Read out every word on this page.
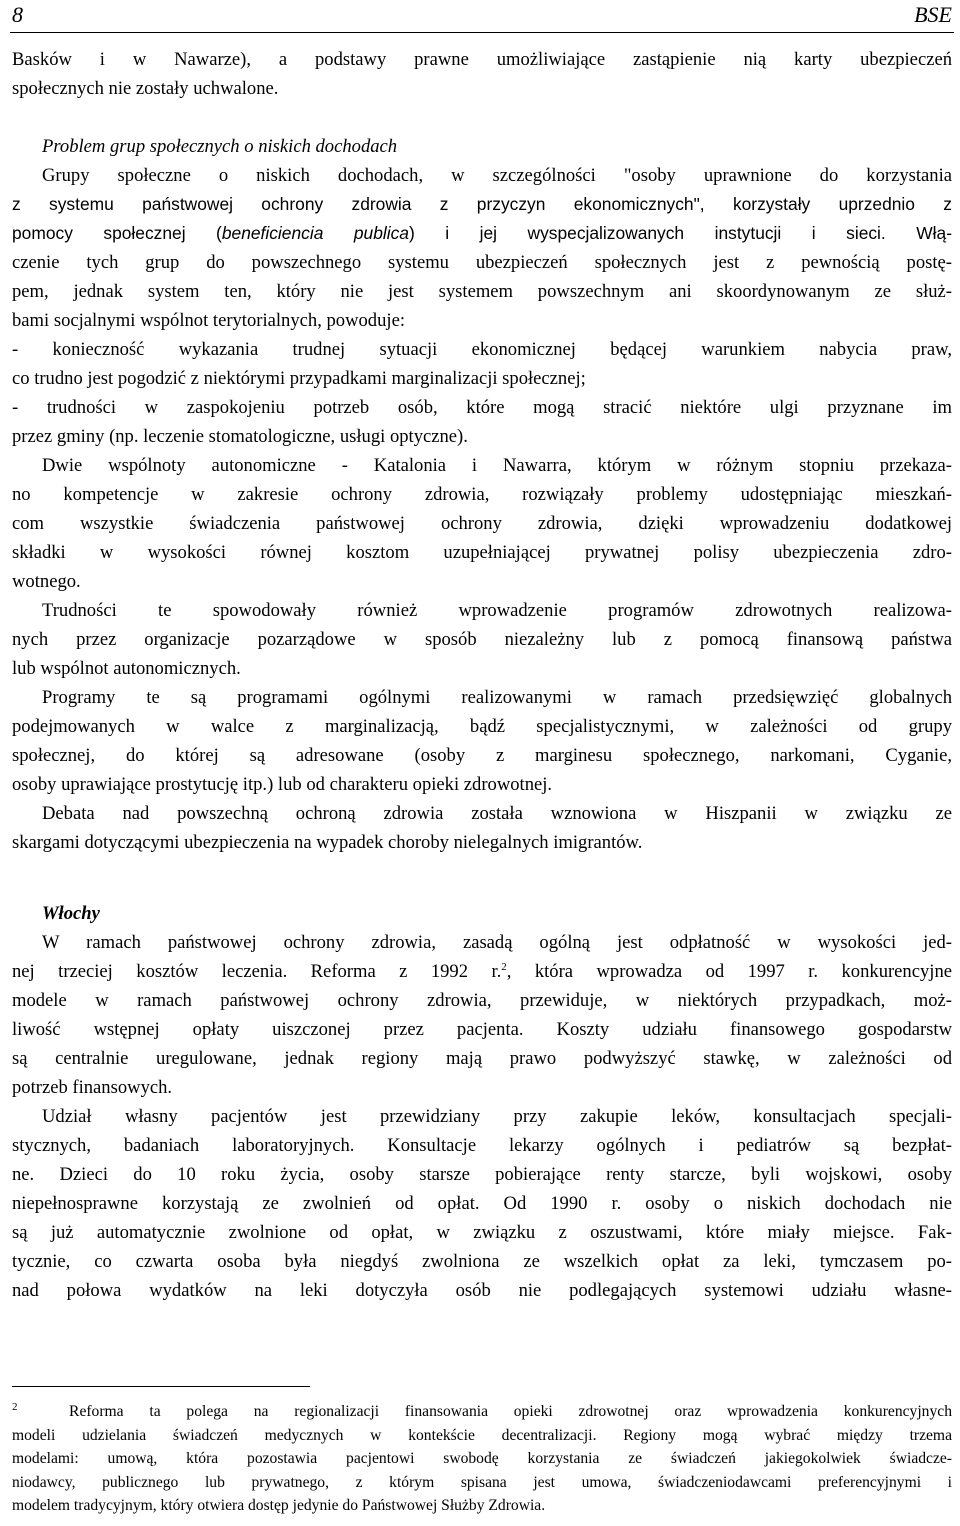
8	BSE
Basków i w Nawarze), a podstawy prawne umożliwiające zastąpienie nią karty ubezpieczeń
społecznych nie zostały uchwalone.
Problem grup społecznych o niskich dochodach
Grupy społeczne o niskich dochodach, w szczególności "osoby uprawnione do korzystania
z systemu państwowej ochrony zdrowia z przyczyn ekonomicznych", korzystały uprzednio z
pomocy społecznej (beneficiencia publica) i jej wyspecjalizowanych instytucji i sieci. Włą-
czenie tych grup do powszechnego systemu ubezpieczeń społecznych jest z pewnością postę-
pem, jednak system ten, który nie jest systemem powszechnym ani skoordynowanym ze służ-
bami socjalnymi wspólnot terytorialnych, powoduje:
- konieczność wykazania trudnej sytuacji ekonomicznej będącej warunkiem nabycia praw,
co trudno jest pogodzić z niektórymi przypadkami marginalizacji społecznej;
- trudności w zaspokojeniu potrzeb osób, które mogą stracić niektóre ulgi przyznane im
przez gminy (np. leczenie stomatologiczne, usługi optyczne).
Dwie wspólnoty autonomiczne - Katalonia i Nawarra, którym w różnym stopniu przekaza-
no kompetencje w zakresie ochrony zdrowia, rozwiązały problemy udostępniając mieszkań-
com wszystkie świadczenia państwowej ochrony zdrowia, dzięki wprowadzeniu dodatkowej
składki w wysokości równej kosztom uzupełniającej prywatnej polisy ubezpieczenia zdro-
wotnego.
Trudności te spowodowały również wprowadzenie programów zdrowotnych realizowa-
nych przez organizacje pozarządowe w sposób niezależny lub z pomocą finansową państwa
lub wspólnot autonomicznych.
Programy te są programami ogólnymi realizowanymi w ramach przedsięwzięć globalnych
podejmowanych w walce z marginalizacją, bądź specjalistycznymi, w zależności od grupy
społecznej, do której są adresowane (osoby z marginesu społecznego, narkomani, Cyganie,
osoby uprawiające prostytucję itp.) lub od charakteru opieki zdrowotnej.
Debata nad powszechną ochroną zdrowia została wznowiona w Hiszpanii w związku ze
skargami dotyczącymi ubezpieczenia na wypadek choroby nielegalnych imigrantów.
Włochy
W ramach państwowej ochrony zdrowia, zasadą ogólną jest odpłatność w wysokości jed-
nej trzeciej kosztów leczenia. Reforma z 1992 r.$^2$, która wprowadza od 1997 r. konkurencyjne
modele w ramach państwowej ochrony zdrowia, przewiduje, w niektórych przypadkach, moż-
liwość wstępnej opłaty uiszczonej przez pacjenta. Koszty udziału finansowego gospodarstw
są centralnie uregulowane, jednak regiony mają prawo podwyższyć stawkę, w zależności od
potrzeb finansowych.
Udział własny pacjentów jest przewidziany przy zakupie leków, konsultacjach specjali-
stycznych, badaniach laboratoryjnych. Konsultacje lekarzy ogólnych i pediatrów są bezpłat-
ne. Dzieci do 10 roku życia, osoby starsze pobierające renty starcze, byli wojskowi, osoby
niepełnosprawne korzystają ze zwolnień od opłat. Od 1990 r. osoby o niskich dochodach nie
są już automatycznie zwolnione od opłat, w związku z oszustwami, które miały miejsce. Fak-
tycznie, co czwarta osoba była niegdyś zwolniona ze wszelkich opłat za leki, tymczasem po-
nad połowa wydatków na leki dotyczyła osób nie podlegających systemowi udziału własne-
$^2$	Reforma ta polega na regionalizacji finansowania opieki zdrowotnej oraz wprowadzenia konkurencyjnych
modeli udzielania świadczeń medycznych w kontekście decentralizacji. Regiony mogą wybrać między trzema
modelami: umową, która pozostawia pacjentowi swobodę korzystania ze świadczeń jakiegokolwiek świadcze-
niodawcy, publicznego lub prywatnego, z którym spisana jest umowa, świadczeniodawcami preferencyjnymi i
modelem tradycyjnym, który otwiera dostęp jedynie do Państwowej Służby Zdrowia.
